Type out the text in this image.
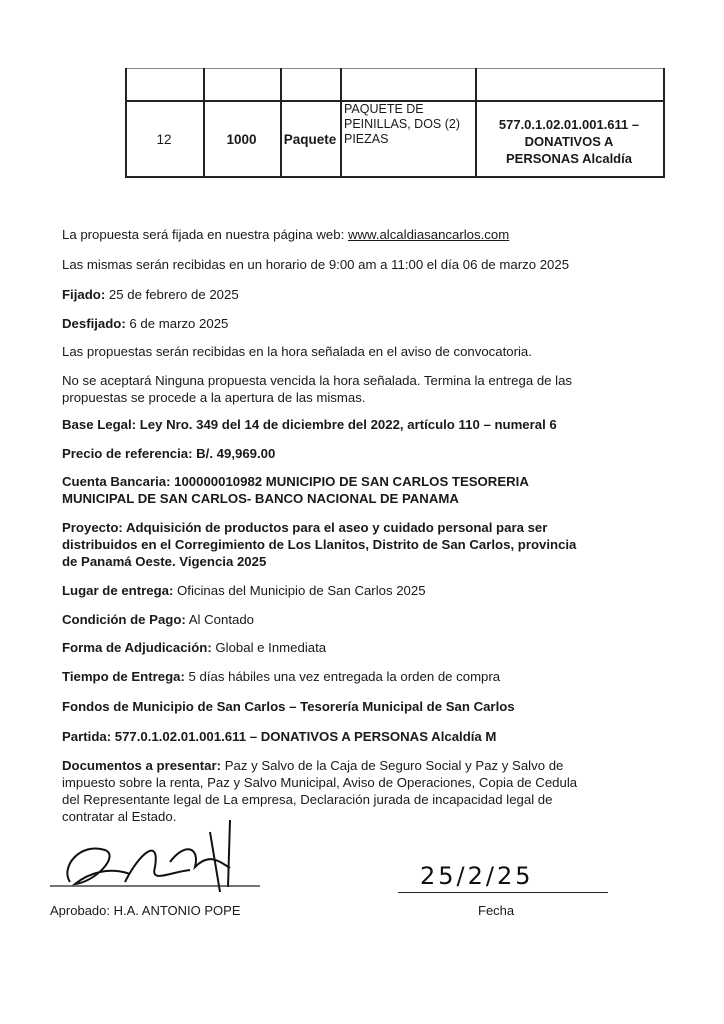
12	1000	Paquete
PAQUETE DE
PEINILLAS, DOS (2)
PIEZAS
577.0.1.02.01.001.611 –
DONATIVOS A
PERSONAS Alcaldía
La propuesta será fijada en nuestra página web: www.alcaldiasancarlos.com
Las mismas serán recibidas en un horario de 9:00 am a 11:00 el día 06 de marzo 2025
Fijado: 25 de febrero de 2025
Desfijado: 6 de marzo 2025
Las propuestas serán recibidas en la hora señalada en el aviso de convocatoria.
No se aceptará Ninguna propuesta vencida la hora señalada. Termina la entrega de las
propuestas se procede a la apertura de las mismas.
Base Legal: Ley Nro. 349 del 14 de diciembre del 2022, artículo 110 – numeral 6
Precio de referencia: B/. 49,969.00
Cuenta Bancaria: 100000010982 MUNICIPIO DE SAN CARLOS TESORERIA
MUNICIPAL DE SAN CARLOS- BANCO NACIONAL DE PANAMA
Proyecto: Adquisición de productos para el aseo y cuidado personal para ser
distribuidos en el Corregimiento de Los Llanitos, Distrito de San Carlos, provincia
de Panamá Oeste. Vigencia 2025
Lugar de entrega: Oficinas del Municipio de San Carlos 2025
Condición de Pago: Al Contado
Forma de Adjudicación: Global e Inmediata
Tiempo de Entrega: 5 días hábiles una vez entregada la orden de compra
Fondos de Municipio de San Carlos – Tesorería Municipal de San Carlos
Partida: 577.0.1.02.01.001.611 – DONATIVOS A PERSONAS Alcaldía M
Documentos a presentar: Paz y Salvo de la Caja de Seguro Social y Paz y Salvo de
impuesto sobre la renta, Paz y Salvo Municipal, Aviso de Operaciones, Copia de Cedula
del Representante legal de La empresa, Declaración jurada de incapacidad legal de
contratar al Estado.
Aprobado: H.A. ANTONIO POPE
25/2/25
Fecha
